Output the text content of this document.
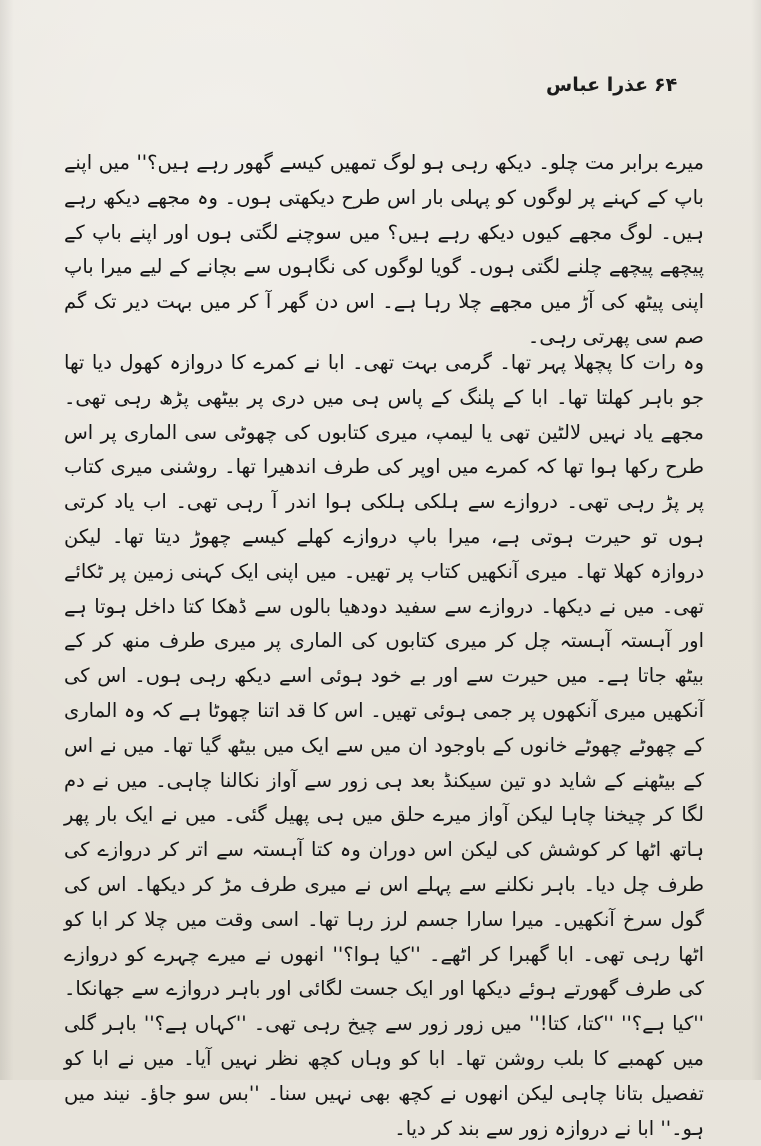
عذرا عباس ۶۴

میرے برابر مت چلو۔ دیکھ رہی ہو لوگ تمھیں کیسے گھور رہے ہیں؟'' میں اپنے باپ کے کہنے پر لوگوں کو پہلی بار اس طرح دیکھتی ہوں۔ وہ مجھے دیکھ رہے ہیں۔ لوگ مجھے کیوں دیکھ رہے ہیں؟ میں سوچنے لگتی ہوں اور اپنے باپ کے پیچھے پیچھے چلنے لگتی ہوں۔ گویا لوگوں کی نگاہوں سے بچانے کے لیے میرا باپ اپنی پیٹھ کی آڑ میں مجھے چلا رہا ہے۔ اس دن گھر آ کر میں بہت دیر تک گم صم سی پھرتی رہی۔

وہ رات کا پچھلا پہر تھا۔ گرمی بہت تھی۔ ابا نے کمرے کا دروازہ کھول دیا تھا جو باہر کھلتا تھا۔ ابا کے پلنگ کے پاس ہی میں دری پر بیٹھی پڑھ رہی تھی۔ مجھے یاد نہیں لالٹین تھی یا لیمپ، میری کتابوں کی چھوٹی سی الماری پر اس طرح رکھا ہوا تھا کہ کمرے میں اوپر کی طرف اندھیرا تھا۔ روشنی میری کتاب پر پڑ رہی تھی۔ دروازے سے ہلکی ہلکی ہوا اندر آ رہی تھی۔ اب یاد کرتی ہوں تو حیرت ہوتی ہے، میرا باپ دروازے کھلے کیسے چھوڑ دیتا تھا۔ لیکن دروازہ کھلا تھا۔ میری آنکھیں کتاب پر تھیں۔ میں اپنی ایک کہنی زمین پر ٹکائے تھی۔ میں نے دیکھا۔ دروازے سے سفید دودھیا بالوں سے ڈھکا کتا داخل ہوتا ہے اور آہستہ آہستہ چل کر میری کتابوں کی الماری پر میری طرف منھ کر کے بیٹھ جاتا ہے۔ میں حیرت سے اور بے خود ہوئی اسے دیکھ رہی ہوں۔ اس کی آنکھیں میری آنکھوں پر جمی ہوئی تھیں۔ اس کا قد اتنا چھوٹا ہے کہ وہ الماری کے چھوٹے چھوٹے خانوں کے باوجود ان میں سے ایک میں بیٹھ گیا تھا۔ میں نے اس کے بیٹھنے کے شاید دو تین سیکنڈ بعد ہی زور سے آواز نکالنا چاہی۔ میں نے دم لگا کر چیخنا چاہا لیکن آواز میرے حلق میں ہی پھیل گئی۔ میں نے ایک بار پھر ہاتھ اٹھا کر کوشش کی لیکن اس دوران وہ کتا آہستہ سے اتر کر دروازے کی طرف چل دیا۔ باہر نکلنے سے پہلے اس نے میری طرف مڑ کر دیکھا۔ اس کی گول سرخ آنکھیں۔ میرا سارا جسم لرز رہا تھا۔ اسی وقت میں چلا کر ابا کو اٹھا رہی تھی۔ ابا گھبرا کر اٹھے۔ ''کیا ہوا؟'' انھوں نے میرے چہرے کو دروازے کی طرف گھورتے ہوئے دیکھا اور ایک جست لگائی اور باہر دروازے سے جھانکا۔ ''کیا ہے؟'' ''کتا، کتا!'' میں زور زور سے چیخ رہی تھی۔ ''کہاں ہے؟'' باہر گلی میں کھمبے کا بلب روشن تھا۔ ابا کو وہاں کچھ نظر نہیں آیا۔ میں نے ابا کو تفصیل بتانا چاہی لیکن انھوں نے کچھ بھی نہیں سنا۔ ''بس سو جاؤ۔ نیند میں ہو۔'' ابا نے دروازہ زور سے بند کر دیا۔
